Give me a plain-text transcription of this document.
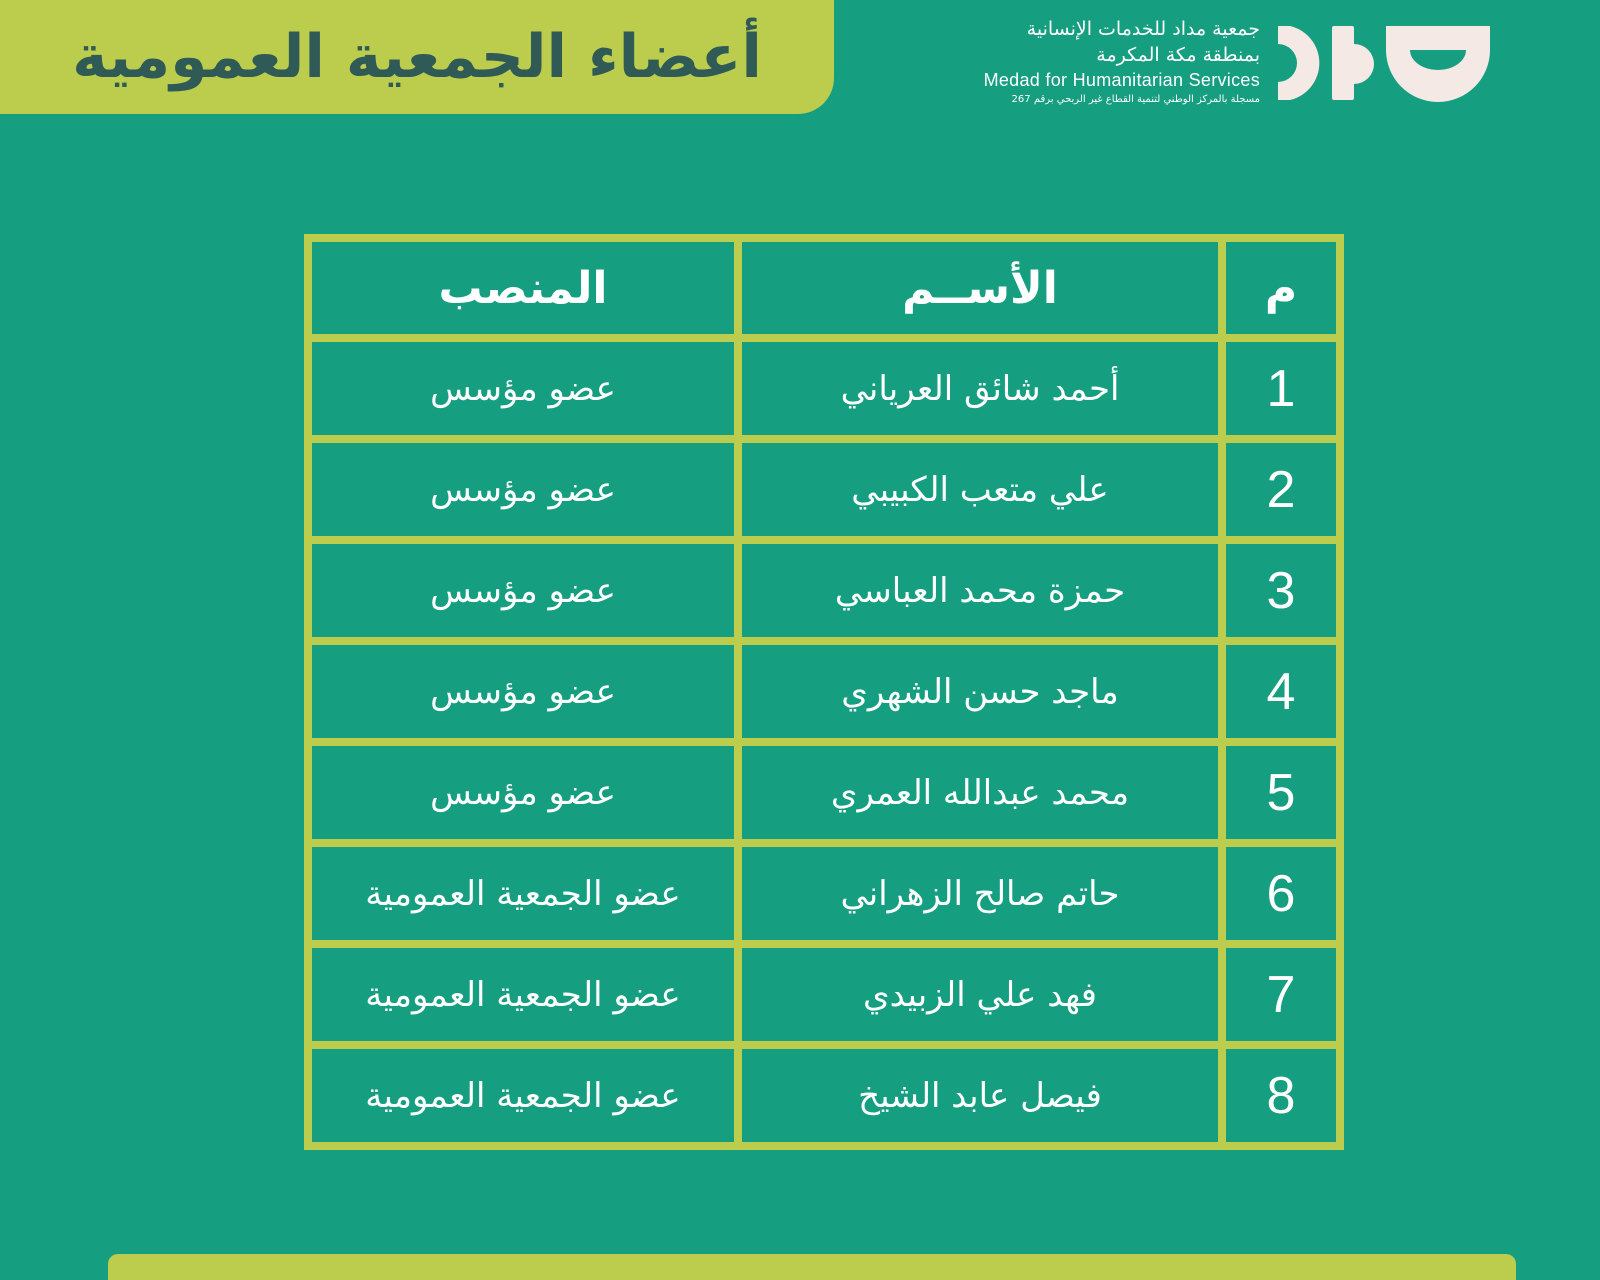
أعضاء الجمعية العمومية	جمعية مداد للخدمات الإنسانية
بمنطقة مكة المكرمة
Medad for Humanitarian Services
مسجلة بالمركز الوطني لتنمية القطاع غير الربحي برقم 267
م	الأســم	المنصب
1	أحمد شائق العرياني	عضو مؤسس
2	علي متعب الكبيبي	عضو مؤسس
3	حمزة محمد العباسي	عضو مؤسس
4	ماجد حسن الشهري	عضو مؤسس
5	محمد عبدالله العمري	عضو مؤسس
6	حاتم صالح الزهراني	عضو الجمعية العمومية
7	فهد علي الزبيدي	عضو الجمعية العمومية
8	فيصل عابد الشيخ	عضو الجمعية العمومية
